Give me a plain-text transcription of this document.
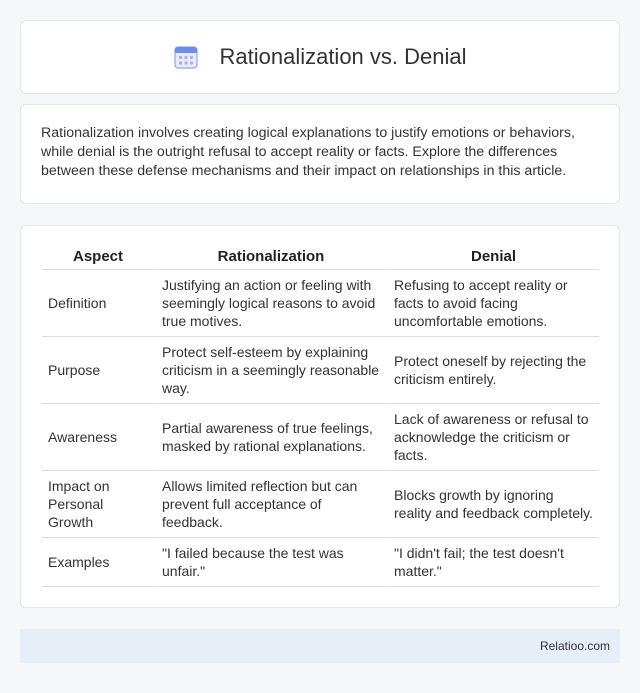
Rationalization vs. Denial

Rationalization involves creating logical explanations to justify emotions or behaviors, while denial is the outright refusal to accept reality or facts. Explore the differences between these defense mechanisms and their impact on relationships in this article.

Aspect	Rationalization	Denial
Definition	Justifying an action or feeling with seemingly logical reasons to avoid true motives.	Refusing to accept reality or facts to avoid facing uncomfortable emotions.
Purpose	Protect self-esteem by explaining criticism in a seemingly reasonable way.	Protect oneself by rejecting the criticism entirely.
Awareness	Partial awareness of true feelings, masked by rational explanations.	Lack of awareness or refusal to acknowledge the criticism or facts.
Impact on Personal Growth	Allows limited reflection but can prevent full acceptance of feedback.	Blocks growth by ignoring reality and feedback completely.
Examples	"I failed because the test was unfair."	"I didn't fail; the test doesn't matter."
Relatioo.com
